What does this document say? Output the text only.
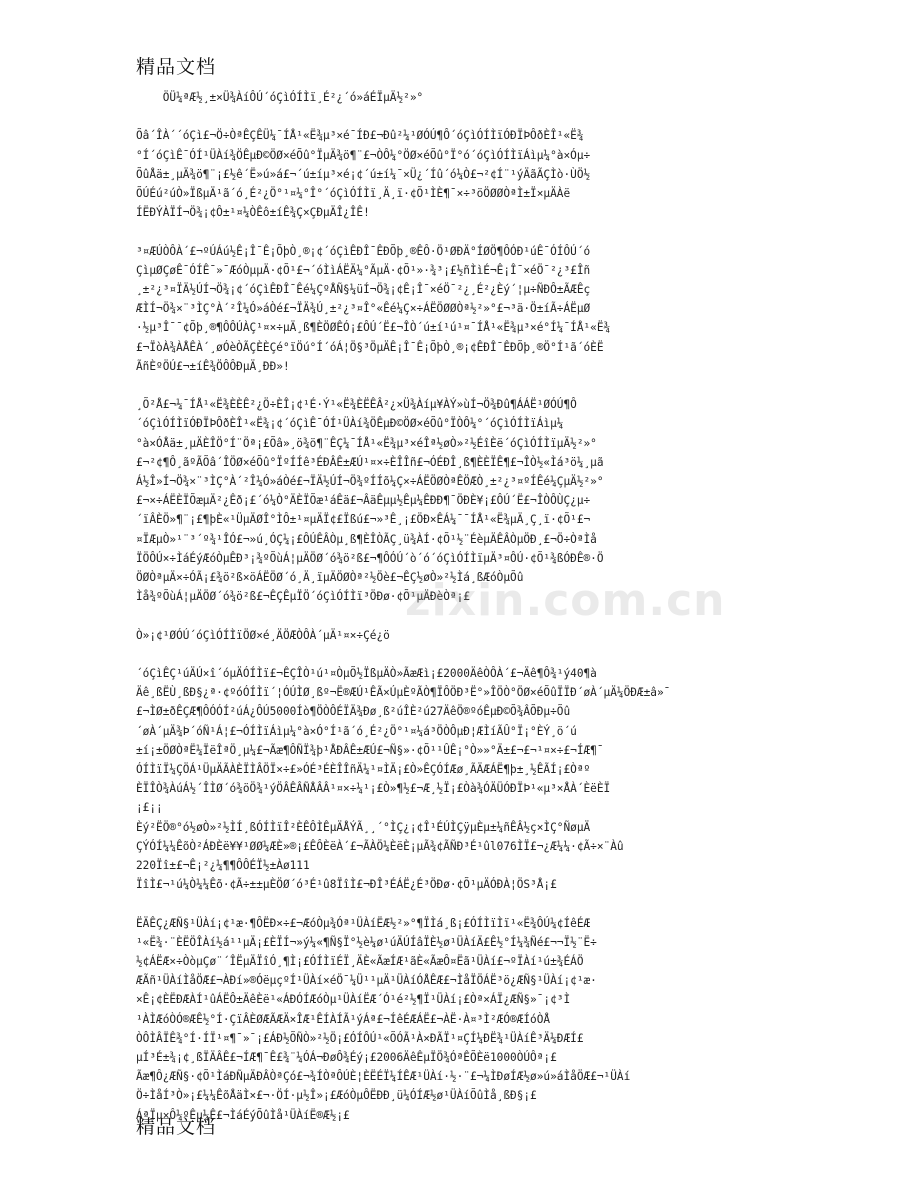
精品文档

ÖÜ¼ªÆ½¸±×Ü¾ÀíÔÚ´óÇìÓÍÌï¸É²¿´ó»áÉÏµÄ½²»°

Õâ´ÎÀ´´óÇì£¬Ö÷ÒªÊÇÊÜ¼¯ÍÅ¹«Ë¾µ³×é¯ÍÐ£¬Ðû²¼¹ØÓÚ¶Ô´óÇìÓÍÌïÓÐÏÞÔðÈÎ¹«Ë¾

°Í´óÇìÊ¯ÓÍ¹ÜÀí¾ÖÊµÐ©ÖØ×éÕû°ÏµÄ¾ö¶¨£¬ÒÔ¼°ÖØ×éÕû°Ï°ó´óÇìÓÍÌïÁìµ¼°à×Óµ÷

ÕûÅä±¸µÄ¾ö¶¨¡£½ê´Ë»ú»á£¬´ú±íµ³×é¡¢´ú±í¼¯×Ü¿´Íû´ó¼Ò£¬²¢Í¨¹ýÄãÃÇÌò·ÙÖ½

ÕÚÉú²úÒ»ÏßµÄ¹ã´ó¸É²¿Ö°¹¤¼°Î°´óÇìÓÍÌï¸Ä¸ï·¢Õ¹ÌÈ¶¯×÷³öÖØØÒªÌ±Ï×µÄÀë

ÍËÐÝÀÏÍ¬Ö¾¡¢Ô±¹¤¼ÒÊô±íÊ¾Ç×ÇÐµÄÎ¿ÎÊ!

³¤ÆÚÒÔÀ´£¬ºÚÁú½Ê¡Î¯Ê¡ÕþÒ¸®¡¢´óÇìÊÐÎ¯ÊÐÕþ¸®ÊÔ·Ö¹ØÐÄ°ÍØÖ¶ÔÓÐ¹úÊ¯ÓÍÔÚ´ó

ÇìµØÇøÊ¯ÓÍÊ¯»¯ÆóÒµµÄ·¢Õ¹£¬´óÌìÁËÄ¼°ÃµÄ·¢Õ¹»·¾³¡£½ñÌìÉ¬Ê¡Î¯×éÖ¯²¿³£Îñ

¸±²¿³¤ÏÄ½ÚÍ¬Ö¾¡¢´óÇìÊÐÎ¯Êé¼ÇºÅÑ§¼üÍ¬Ö¾¡¢Ê¡Î¯×éÖ¯²¿¸É²¿Èý´¦µ÷ÑÐÔ±ÃÆÊç

ÆÌÍ¬Ö¾×¨³ÌÇ°À´²Î¼Ó»áÒé£¬ÏÄ¾Ú¸±²¿³¤Î°«Êé¼Ç×÷ÁËÖØØÒª½²»°£¬³ä·Ö±íÃ÷ÁËµØ

·½µ³Î¯¯¢Õþ¸®¶ÔÔÚÀÇ¹¤×÷µÄ¸ß¶ÈÖØÊÓ¡£ÔÚ´Ë£¬ÎÒ´ú±í¹ú¹¤¯ÍÅ¹«Ë¾µ³×é°Í¼¯ÍÅ¹«Ë¾

£¬ÏòÀ¾ÀÅÊÀ´¸øÓèÒÃÇÈÈÇé°ïÖú°Í´óÁ¦Ö§³ÖµÄÊ¡Î¯Ê¡ÕþÒ¸®¡¢ÊÐÎ¯ÊÐÕþ¸®Ö°Í¹ã´óÈË

ÃñÈºÖÚ£¬±íÊ¾ÖÔÔÐµÄ¸ÐÐ»!

¸Õ²Å£¬¼¯ÍÅ¹«Ë¾ÈÈÊ²¿Ö÷ÈÎ¡¢¹É·Ý¹«Ë¾ÈËÊÂ²¿×Ü¾Àíµ¥ÀÝ»ùÍ¬Ö¾Ðû¶ÁÁË¹ØÓÚ¶Ô

´óÇìÓÍÌïÓÐÏÞÔðÈÎ¹«Ë¾¡¢´óÇìÊ¯ÓÍ¹ÜÀí¾ÖÊµÐ©ÖØ×éÕû°ÏÒÔ¼°´óÇìÓÍÌïÁìµ¼

°à×ÓÅä±¸µÄÈÎÖ°Í¨Öª¡£Õâ»¸ö¾ö¶¨ÊÇ¼¯ÍÅ¹«Ë¾µ³×éÎª½øÒ»²½ÉîÈë´óÇìÓÍÌïµÄ½²»°

£¬²¢¶Ô¸ãºÃÕâ´ÎÖØ×éÕû°ÏºÍÍê³ÉÐÂÊ±ÆÚ¹¤×÷ÈÎÎñ£¬ÓÉÐÎ¸ß¶ÈÈÏÊ¶£¬ÎÒ½«Ìá³ö¼¸µã

Á½Î»Í¬Ö¾×¨³ÌÇ°À´²Î¼Ó»áÒé£¬ÏÄ½ÚÍ¬Ö¾ºÍÍõ¼Ç×÷ÁËÖØÒªÊÖÆÒ¸±²¿³¤ºÍÊé¼ÇµÄ½²»°

£¬×÷ÁËÈÏÕæµÄ²¿Êð¡£´ó¼Ò°ÄÈÏÕæ¹áÊä£¬ÂäÊµµ½Êµ¼ÊÐÐ¶¯ÖÐÈ¥¡£ÔÚ´Ë£¬ÎÒÔÙÇ¿µ÷

´ïÂÈÖ»¶¨¡£¶þÈ«¹ÜµÄØÎ°ÌÔ±¹¤µÄÏ¢£Ïßú£¬»³Ê¸¡£ÖÐ×ÊÁ¼¯¯ÍÅ¹«Ë¾µÄ¸Ç¸ï·¢Õ¹£¬

¤ÏÆµÒ»¹¨³´º¾¹ÎÓ£¬»ú¸ÓÇ¼¡£ÔÚÊÂÒµ¸ß¶ÈÎÒÃÇ¸ü¾ÀÍ·¢Õ¹½¨ÉèµÄÊÂÒµÖÐ¸£¬Ö÷ÒªÌå

ÏÖÔÚ×÷ÌáÉýÆóÒµÊÐ³¡¾ºÕùÁ¦µÄÖØ´ó¾ö²ß£¬¶ÔÓÚ´ò´ó´óÇìÓÍÌïµÄ³¤ÔÚ·¢Õ¹¾ßÓÐÊ®·Ö

ÖØÒªµÄ×÷ÓÃ¡£¾ö²ß×öÁËÖØ´ó¸Ä¸ïµÄÖØÒª²½Öè£¬ÊÇ½øÒ»²½Ìá¸ßÆóÒµÕû

Ìå¾ºÕùÁ¦µÄÖØ´ó¾ö²ß£¬ÊÇÊµÏÖ´óÇìÓÍÌï³ÖÐø·¢Õ¹µÄÐèÒª¡£

Ò»¡¢¹ØÓÚ´óÇìÓÍÌïÖØ×é¸ÄÖÆÒÔÀ´µÄ¹¤×÷Çé¿ö

´óÇìÊÇ¹úÄÚ×î´óµÄÓÍÌï£¬ÊÇÎÒ¹ú¹¤ÒµÕ½ÏßµÄÒ»ÃæÆì¡£2000ÄêÒÔÀ´£¬Äê¶Ô¾¹ý40¶à

Äê¸ßËÙ¸ßÐ§¿ª·¢ºóÓÍÌï´¦ÓÚÌØ¸ßº¬Ë®ÆÚ¹ÊÃ×ÚµÈºÃÒ¶ÏÔÖÐ³Ë°»ÎÖÒ°ÖØ×éÕûÏÏÐ´øÀ´µÄ¼ÖÐÆ±â»¯

£¬ÌØ±ðÊÇÆ¶ÔÓÓÍ²úÁ¿ÔÚ5000Íò¶ÖÒÔÉÏÄ¾Ðø¸ß²úÎÈ²ú27ÄêÖ®ºóÊµÐ©Õ¾ÂÕÐµ÷Õû

´øÀ´µÄ¾Þ´óÑ¹Á¦£¬ÓÍÌïÁìµ¼°à×Ó°Í¹ã´ó¸É²¿Ö°¹¤¼á³ÖÒÔµÐ¦ÆÌíÃÛ°Ï¡°ÈÝ¸ö´ú

±í¡±ÖØÒªË¼ÏëÎªÖ¸µ¼£¬Ãæ¶ÔÑÏ¾þ¹ÅÐÂÊ±ÆÚ£¬Ñ§»·¢Õ¹¹ÛÊ¡°Ò»»°Ä±£¬£¬¹¤×÷£¬ÍÆ¶¯

ÓÍÌïÏ¼ÇÖÁ¹ÜµÄÃÀÈÏÌÂÖÏ×÷£»ÓÉ³ÉÈÎÎñÄ¼¹¤ÌÄ¡£Ò»ÊÇÓÍÆø¸ÃÄÆÁË¶þ±¸½ÊÃÍ¡£Òªº

ÈÏÎÒ¾ÀúÁ½´ÎÌØ´ó¾öÖ¾¹ýÖÂÊÂÑÅÂÂ¹¤×÷¼¹¡£Ò»¶½£¬Æ¸½Ï¡£Òà¾ÓÄÜÓÐÏÞ¹«µ³×ÅÀ´ÈëÈÏ

¡£¡¡

Èý²ËÖ®°ó½øÒ»²½ÌÍ¸ßÓÍÌïÎ²ÈÊÔÌÊµÄÅÝÃ¸¸´°ÌÇ¿¡¢Î¹ÉÚÌÇÿµÈµ±¼ñÊÂ½ç×ÌÇ°ÑøµÄ

ÇÝÓÍ¼¼ÊõÒ²ÁÐÈë¥¥¹ØØ¼ÆÈ»®¡£ÊÔÈëÀ´£¬ÃÀÖ¼ÈëÈ¡µÃ¾¢ÃÑÐ³É¹ûl076ÌÏ£¬¿Æ¼¼·¢Ã÷×¨Àû

220Ïî±£¬Ê¡²¿¼¶¶ÔÔÉÏ½±Àø111

ÏîÌ£¬¹ú¼Ò¼¼Êõ·¢Ã÷±±µÈÖØ´ó³É¹û8ÏîÌ£¬ÐÎ³ÉÁË¿É³ÖÐø·¢Õ¹µÄÓÐÀ¦ÖS³Å¡£

ËÄÊÇ¿ÆÑ§¹ÜÀí¡¢¹æ·¶ÔËÐ×÷£¬ÆóÒµ¾Óª¹ÜÀíËÆ½²»°¶ÏÌá¸ß¡£ÓÍÌïÌï¹«Ë¾ÔÚ¼¢ÍêÉÆ

¹«Ë¾·¨ÈËÖÎÀí½á¹¹µÄ¡£ÈÏÍ¬»ý¼«¶Ñ§Ï°½è¼ø¹úÄÚÍâÏÈ½ø¹ÜÀíÄ£Ê½°Í¼¾Ñé£¬¬Ï½¨Ë÷

½¢ÁËÆ×÷ÒòµÇø¨´ÎËµÄÏîÓ¸¶Ì¡£ÓÍÌïÉÏ¸ÄÈ«ÃæÍÆ¹ãÈ«ÃæÔ¤Ëã¹ÜÀí£¬ºÏÀí¹ú±¾ÉÁÖ

ÆÃñ¹ÜÀíÌåÖÆ£¬ÀÐí»®ÓëµçºÍ¹ÜÀí×éÖ¯¼Ü¹¹µÄ¹ÜÀíÓÅÊÆ£¬ÌåÏÖÁË³ö¿ÆÑ§¹ÜÀí¡¢¹æ·

×Ê¡¢ÈËÐÆÀÍ¹ûÁËÔ±ÄêÈë¹«ÁÐÓÍÆóÒµ¹ÜÀíËÆ´Ó¹é²½¶Ï¹ÜÀí¡£Òª×ÁÏ¿ÆÑ§»¯¡¢³Ì

¹ÀÌÆóÒÓ®ÆÊ½°Í·ÇïÂÈØÆÃÆÄ×ÎÆ¹ÊÍÀÍÃ¹ýÁª£¬ÍêÉÆÁË£¬ÀË·À¤³Ì²ÆÓ®ÆÍóÒÅ

ÒÔÌÂÏÊ¾°Í·ÍÏ¹¤¶¯»¯¡£ÁÐ½ÕÑÒ»²½Ö¡£ÓÍÔÚ¹«ÕÓÃ¹À×ÐÃÏ¹¤ÇÍ¼ÐË¾¹ÜÀíÊ³Ä¼ÐÆÍ£

µÍ³É±¾¡¢¸ßÏÄÂÊ£¬ÍÆ¶¯Ê£¾¨¼ÓÁ¬ÐøÔ¾Éý¡£2006ÄêÊµÏÖ¾ÓªÊÕÈë1000ÒÚÔª¡£

Ãæ¶Ô¿ÆÑ§·¢Õ¹ÌáÐÑµÄÐÂÒªÇó£¬¾ÍÒªÔÚÈ¦ÈËÉÏ¼ÍÊÆ¹ÜÀí·½·¨£¬¼ÌÐøÍÆ½ø»ú»áÌåÖÆ£¬¹ÜÀí

Ö÷ÌåÍ³Ò»¡£¼¼ÊõÅäÌ×£¬·ÖÍ·µ½Î»¡£ÆóÒµÔËÐÐ¸ü¼ÓÍÆ½ø¹ÜÀíÕûÌå¸ßÐ§¡£

ÁªÏµ×Ô¼ºÊµ¼Ê£¬ÌáÉýÕûÌå¹ÜÀíË®Æ½¡£

zixin.com.cn
精品文档
